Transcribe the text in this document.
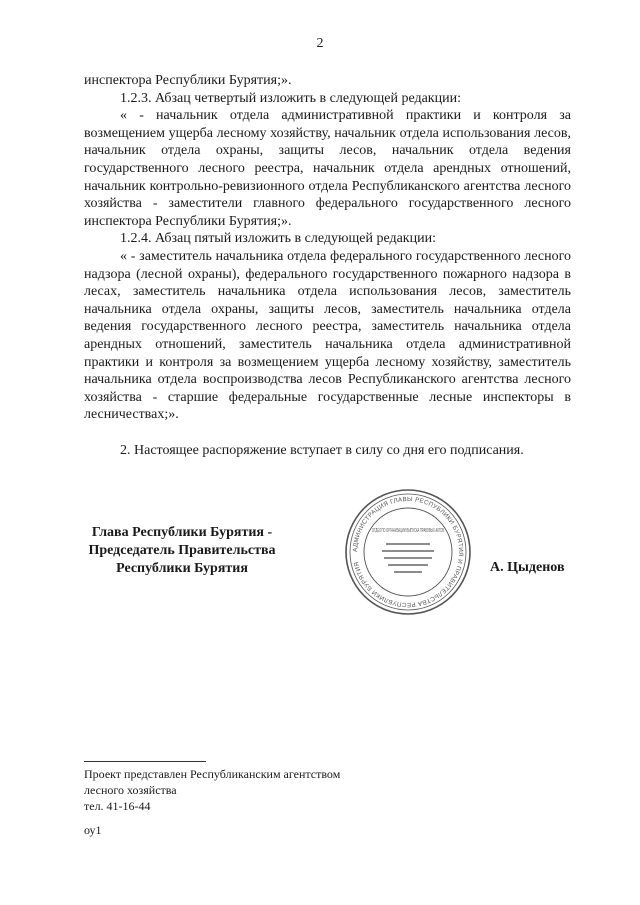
2

инспектора Республики Бурятия;».

1.2.3. Абзац четвертый изложить в следующей редакции:

« - начальник отдела административной практики и контроля за возмещением ущерба лесному хозяйству, начальник отдела использования лесов, начальник отдела охраны, защиты лесов, начальник отдела ведения государственного лесного реестра, начальник отдела арендных отношений, начальник контрольно-ревизионного отдела Республиканского агентства лесного хозяйства - заместители главного федерального государственного лесного инспектора Республики Бурятия;».

1.2.4. Абзац пятый изложить в следующей редакции:

« - заместитель начальника отдела федерального государственного лесного надзора (лесной охраны), федерального государственного пожарного надзора в лесах, заместитель начальника отдела использования лесов, заместитель начальника отдела охраны, защиты лесов, заместитель начальника отдела ведения государственного лесного реестра, заместитель начальника отдела арендных отношений, заместитель начальника отдела административной практики и контроля за возмещением ущерба лесному хозяйству, заместитель начальника отдела воспроизводства лесов Республиканского агентства лесного хозяйства - старшие федеральные государственные лесные инспекторы в лесничествах;».

2. Настоящее распоряжение вступает в силу со дня его подписания.

Глава Республики Бурятия -
Председатель Правительства
Республики Бурятия
АДМИНИСТРАЦИЯ ГЛАВЫ РЕСПУБЛИКИ БУРЯТИЯ И ПРАВИТЕЛЬСТВА РЕСПУБЛИКИ БУРЯТИЯ
ОТДЕЛ ПО ОРГАНИЗАЦИИ ВЫПУСКА ПРАВОВЫХ АКТОВ
А. Цыденов
Проект представлен Республиканским агентством
лесного хозяйства
тел. 41-16-44
оу1
